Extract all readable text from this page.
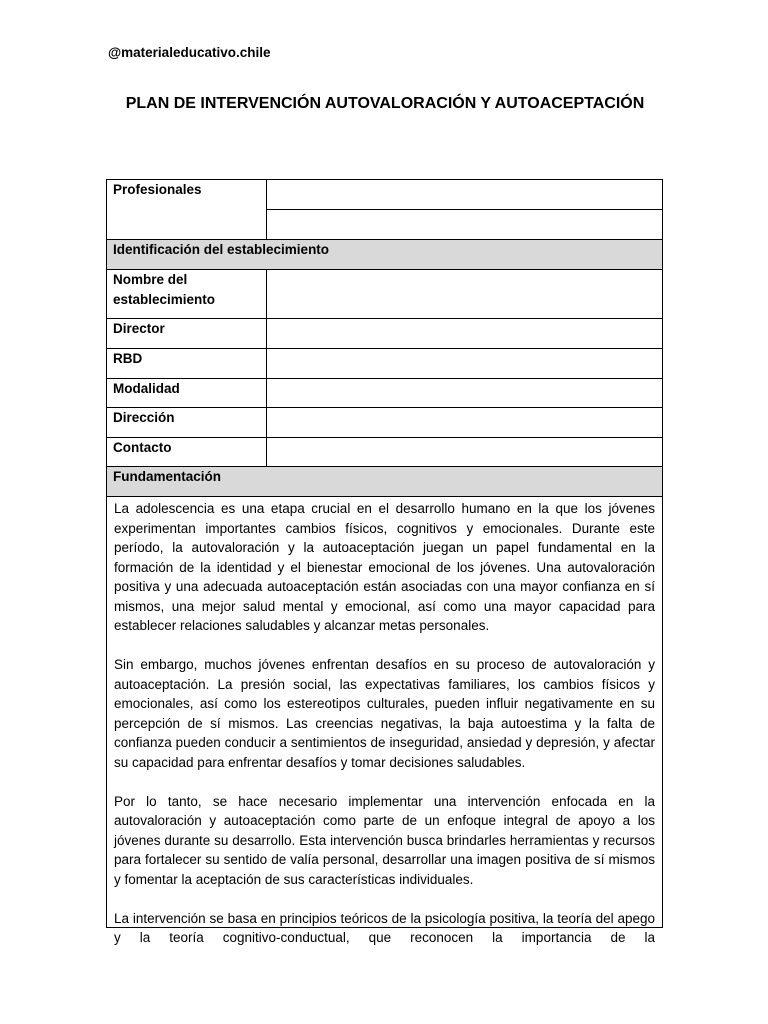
@materialeducativo.chile
PLAN DE INTERVENCIÓN AUTOVALORACIÓN Y AUTOACEPTACIÓN
Profesionales	

Identificación del establecimiento	
Nombre del establecimiento	
Director	
RBD	
Modalidad	
Dirección	
Contacto	
Fundamentación	

La adolescencia es una etapa crucial en el desarrollo humano en la que los jóvenes experimentan importantes cambios físicos, cognitivos y emocionales. Durante este período, la autovaloración y la autoaceptación juegan un papel fundamental en la formación de la identidad y el bienestar emocional de los jóvenes. Una autovaloración positiva y una adecuada autoaceptación están asociadas con una mayor confianza en sí mismos, una mejor salud mental y emocional, así como una mayor capacidad para establecer relaciones saludables y alcanzar metas personales.

Sin embargo, muchos jóvenes enfrentan desafíos en su proceso de autovaloración y autoaceptación. La presión social, las expectativas familiares, los cambios físicos y emocionales, así como los estereotipos culturales, pueden influir negativamente en su percepción de sí mismos. Las creencias negativas, la baja autoestima y la falta de confianza pueden conducir a sentimientos de inseguridad, ansiedad y depresión, y afectar su capacidad para enfrentar desafíos y tomar decisiones saludables.

Por lo tanto, se hace necesario implementar una intervención enfocada en la autovaloración y autoaceptación como parte de un enfoque integral de apoyo a los jóvenes durante su desarrollo. Esta intervención busca brindarles herramientas y recursos para fortalecer su sentido de valía personal, desarrollar una imagen positiva de sí mismos y fomentar la aceptación de sus características individuales.

La intervención se basa en principios teóricos de la psicología positiva, la teoría del apego y la teoría cognitivo-conductual, que reconocen la importancia de la	
